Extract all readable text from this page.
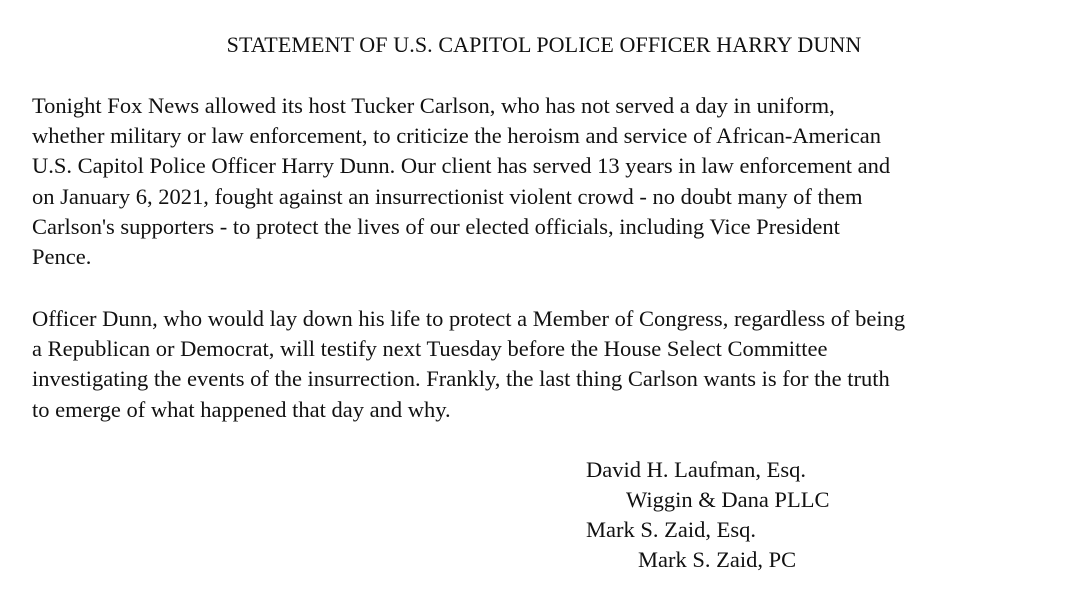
STATEMENT OF U.S. CAPITOL POLICE OFFICER HARRY DUNN

Tonight Fox News allowed its host Tucker Carlson, who has not served a day in uniform,
whether military or law enforcement, to criticize the heroism and service of African-American
U.S. Capitol Police Officer Harry Dunn. Our client has served 13 years in law enforcement and
on January 6, 2021, fought against an insurrectionist violent crowd - no doubt many of them
Carlson's supporters - to protect the lives of our elected officials, including Vice President
Pence.

Officer Dunn, who would lay down his life to protect a Member of Congress, regardless of being
a Republican or Democrat, will testify next Tuesday before the House Select Committee
investigating the events of the insurrection. Frankly, the last thing Carlson wants is for the truth
to emerge of what happened that day and why.

David H. Laufman, Esq.
Wiggin & Dana PLLC
Mark S. Zaid, Esq.
Mark S. Zaid, PC
